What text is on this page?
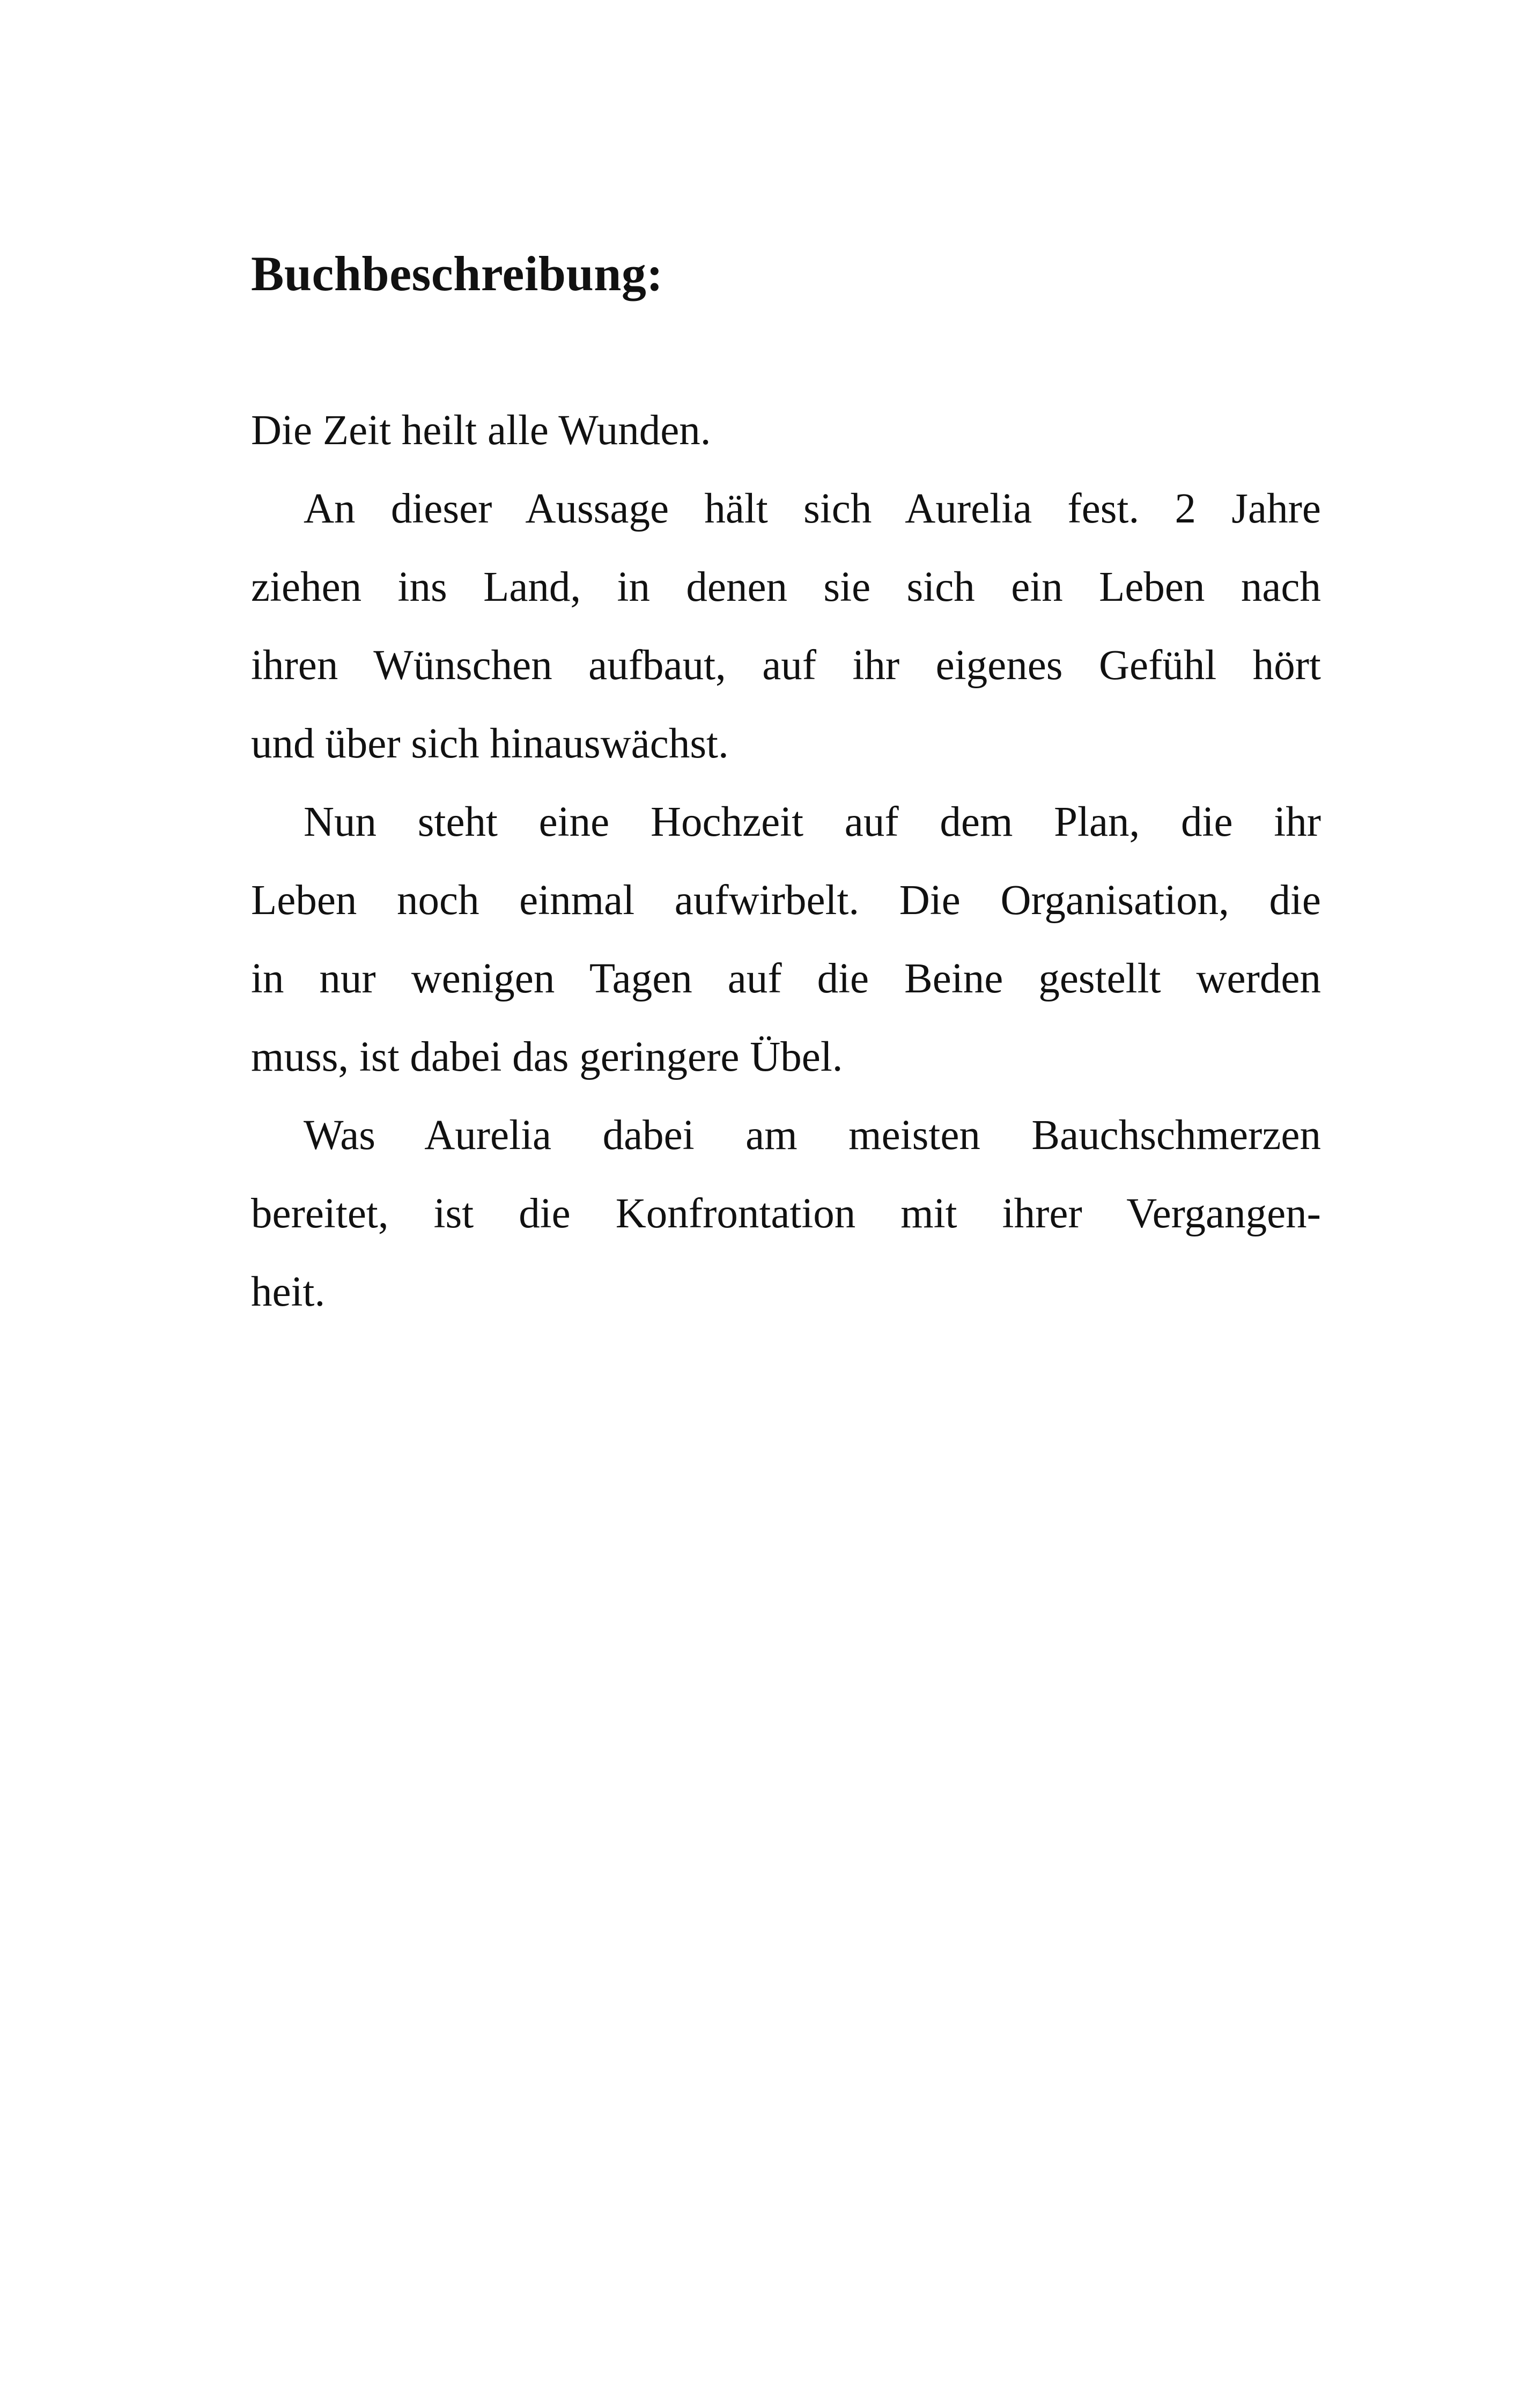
Buchbeschreibung:

Die Zeit heilt alle Wunden.

An dieser Aussage hält sich Aurelia fest. 2 Jahre
ziehen ins Land, in denen sie sich ein Leben nach
ihren Wünschen aufbaut, auf ihr eigenes Gefühl hört
und über sich hinauswächst.
Nun steht eine Hochzeit auf dem Plan, die ihr
Leben noch einmal aufwirbelt. Die Organisation, die
in nur wenigen Tagen auf die Beine gestellt werden
muss, ist dabei das geringere Übel.
Was Aurelia dabei am meisten Bauchschmerzen
bereitet, ist die Konfrontation mit ihrer Vergangen-
heit.
